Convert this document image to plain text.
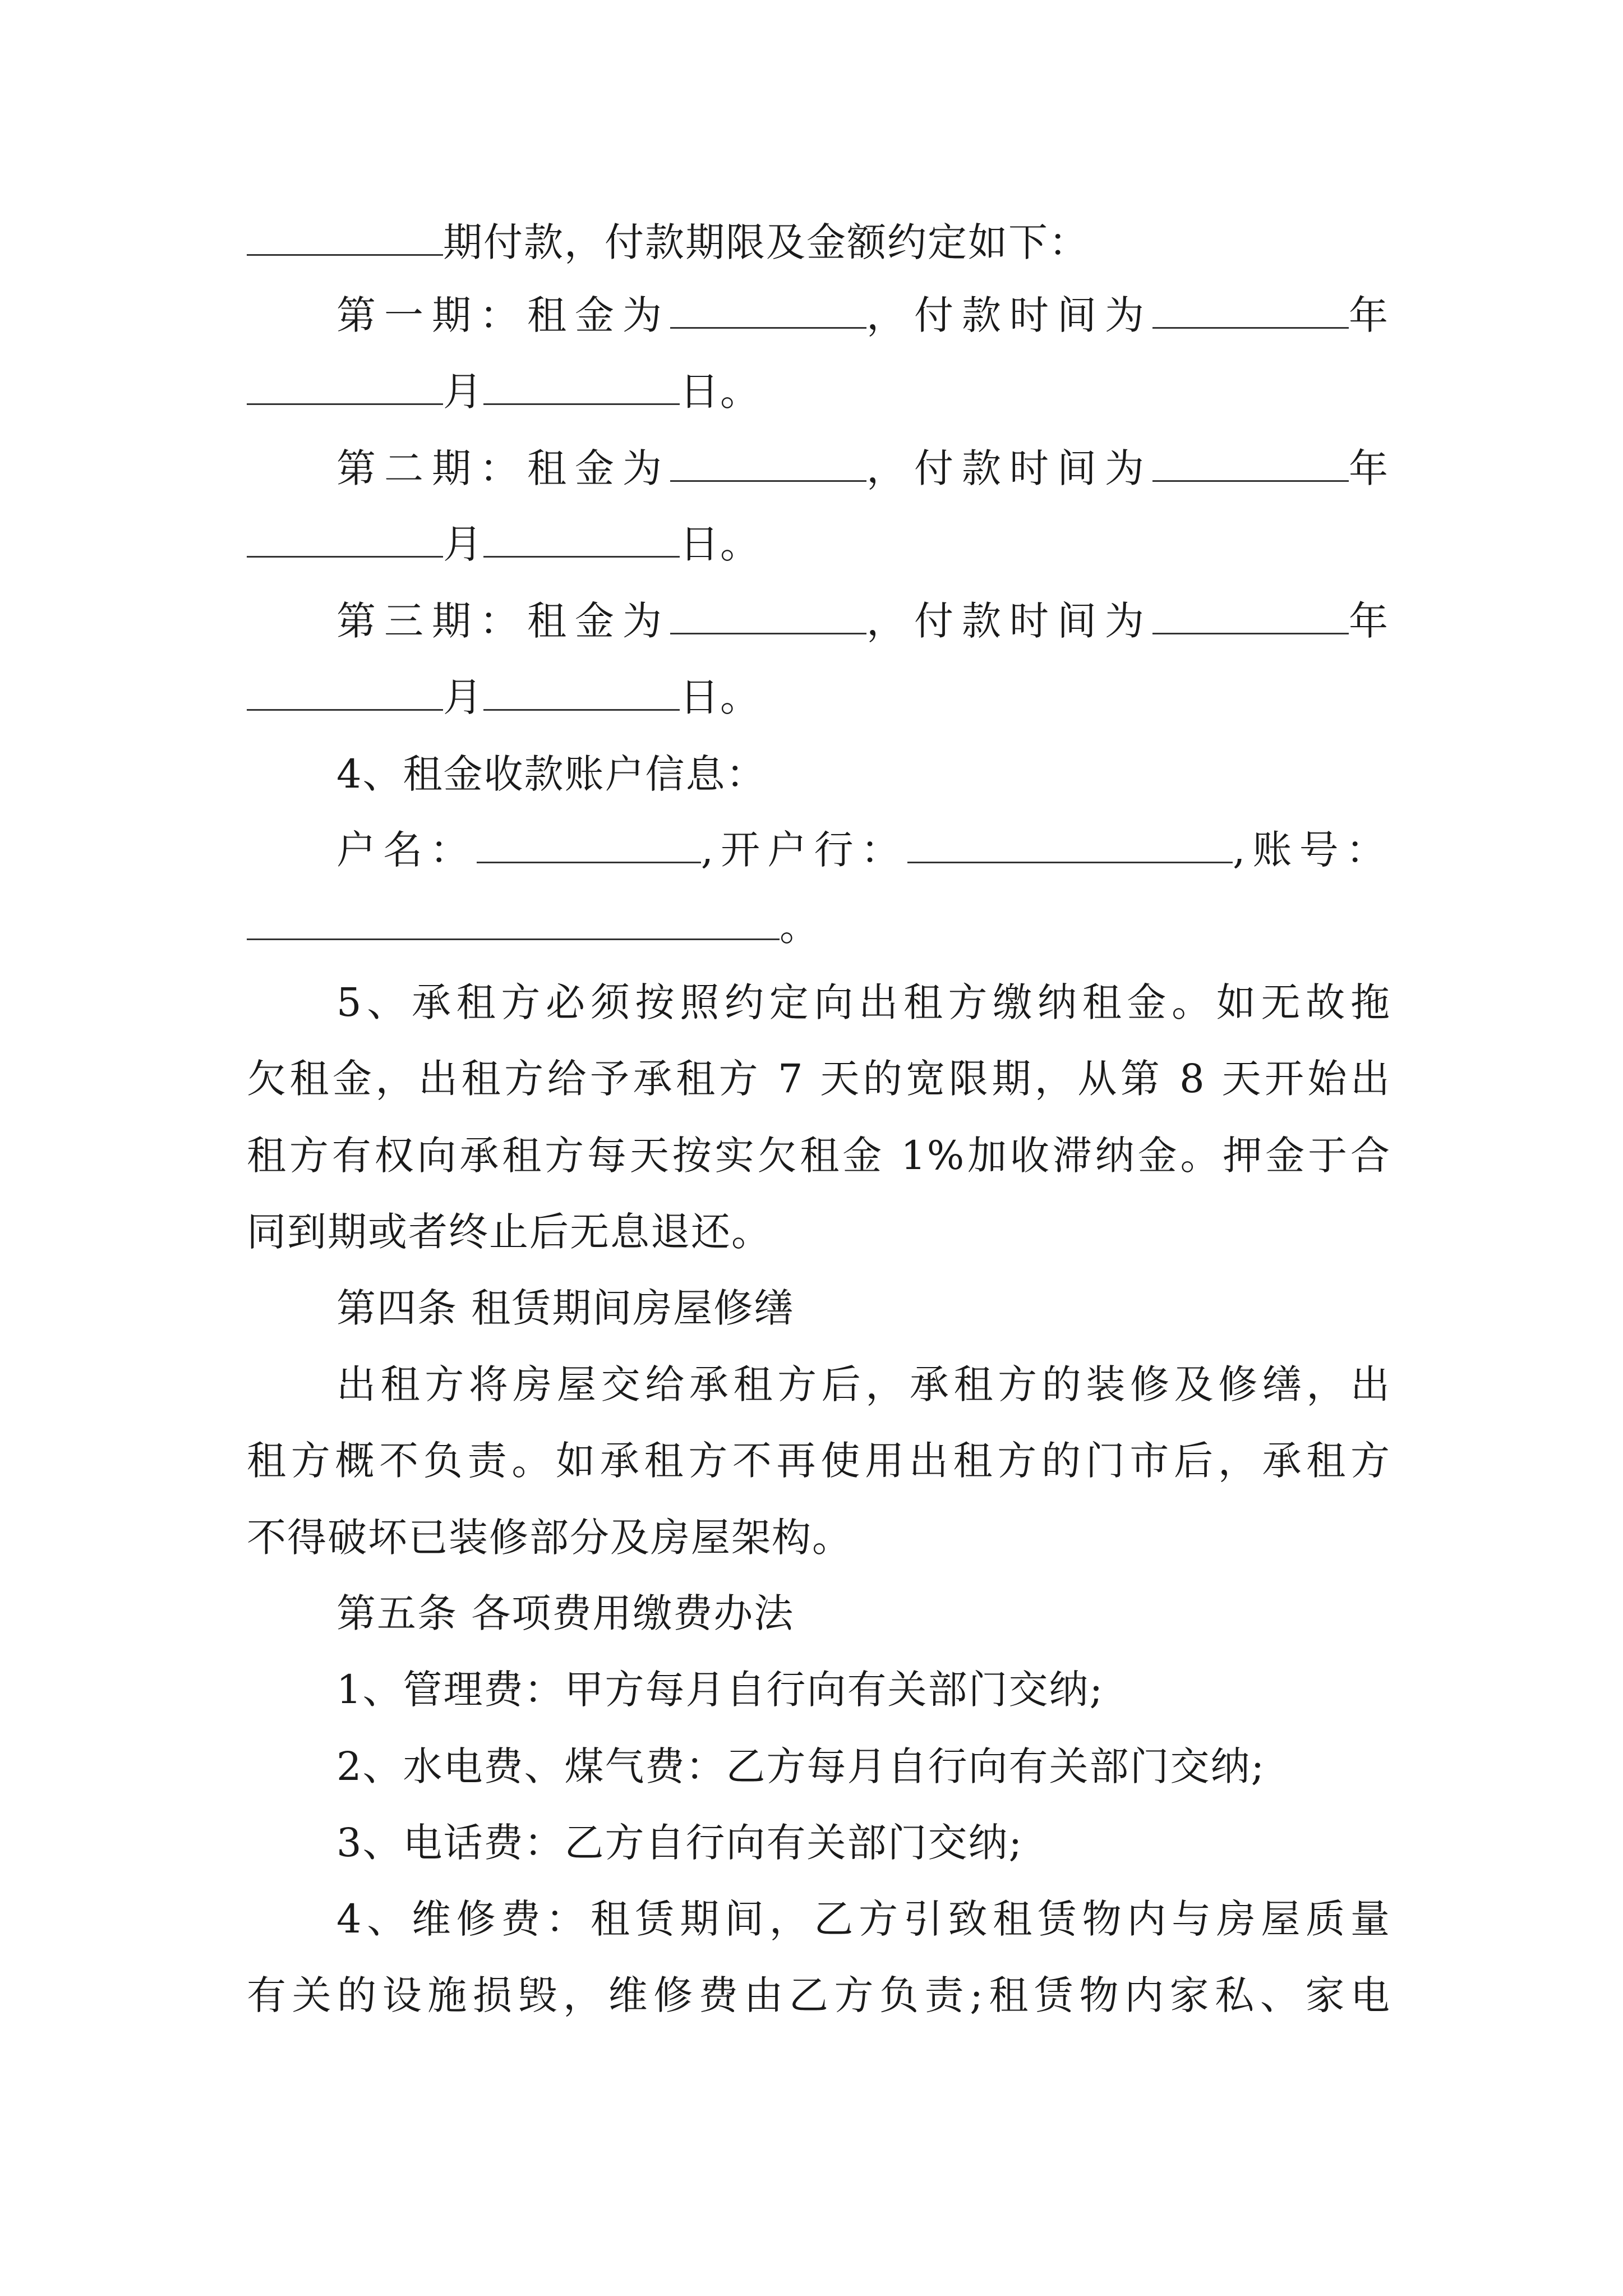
期付款，付款期限及金额约定如下：
第一期：租金为	，付款时间为	年
月	日。
第二期：租金为	，付款时间为	年
月	日。
第三期：租金为	，付款时间为	年
月	日。
4、租金收款账户信息：
户名：	,开户行：	,账号：
。
5、承租方必须按照约定向出租方缴纳租金。如无故拖
欠租金，出租方给予承租方 7 天的宽限期，从第 8 天开始出
租方有权向承租方每天按实欠租金 1%加收滞纳金。押金于合
同到期或者终止后无息退还。
第四条 租赁期间房屋修缮
出租方将房屋交给承租方后，承租方的装修及修缮，出
租方概不负责。如承租方不再使用出租方的门市后，承租方
不得破坏已装修部分及房屋架构。
第五条 各项费用缴费办法
1、管理费：甲方每月自行向有关部门交纳;
2、水电费、煤气费：乙方每月自行向有关部门交纳;
3、电话费：乙方自行向有关部门交纳;
4、维修费：租赁期间，乙方引致租赁物内与房屋质量
有关的设施损毁，维修费由乙方负责;租赁物内家私、家电
